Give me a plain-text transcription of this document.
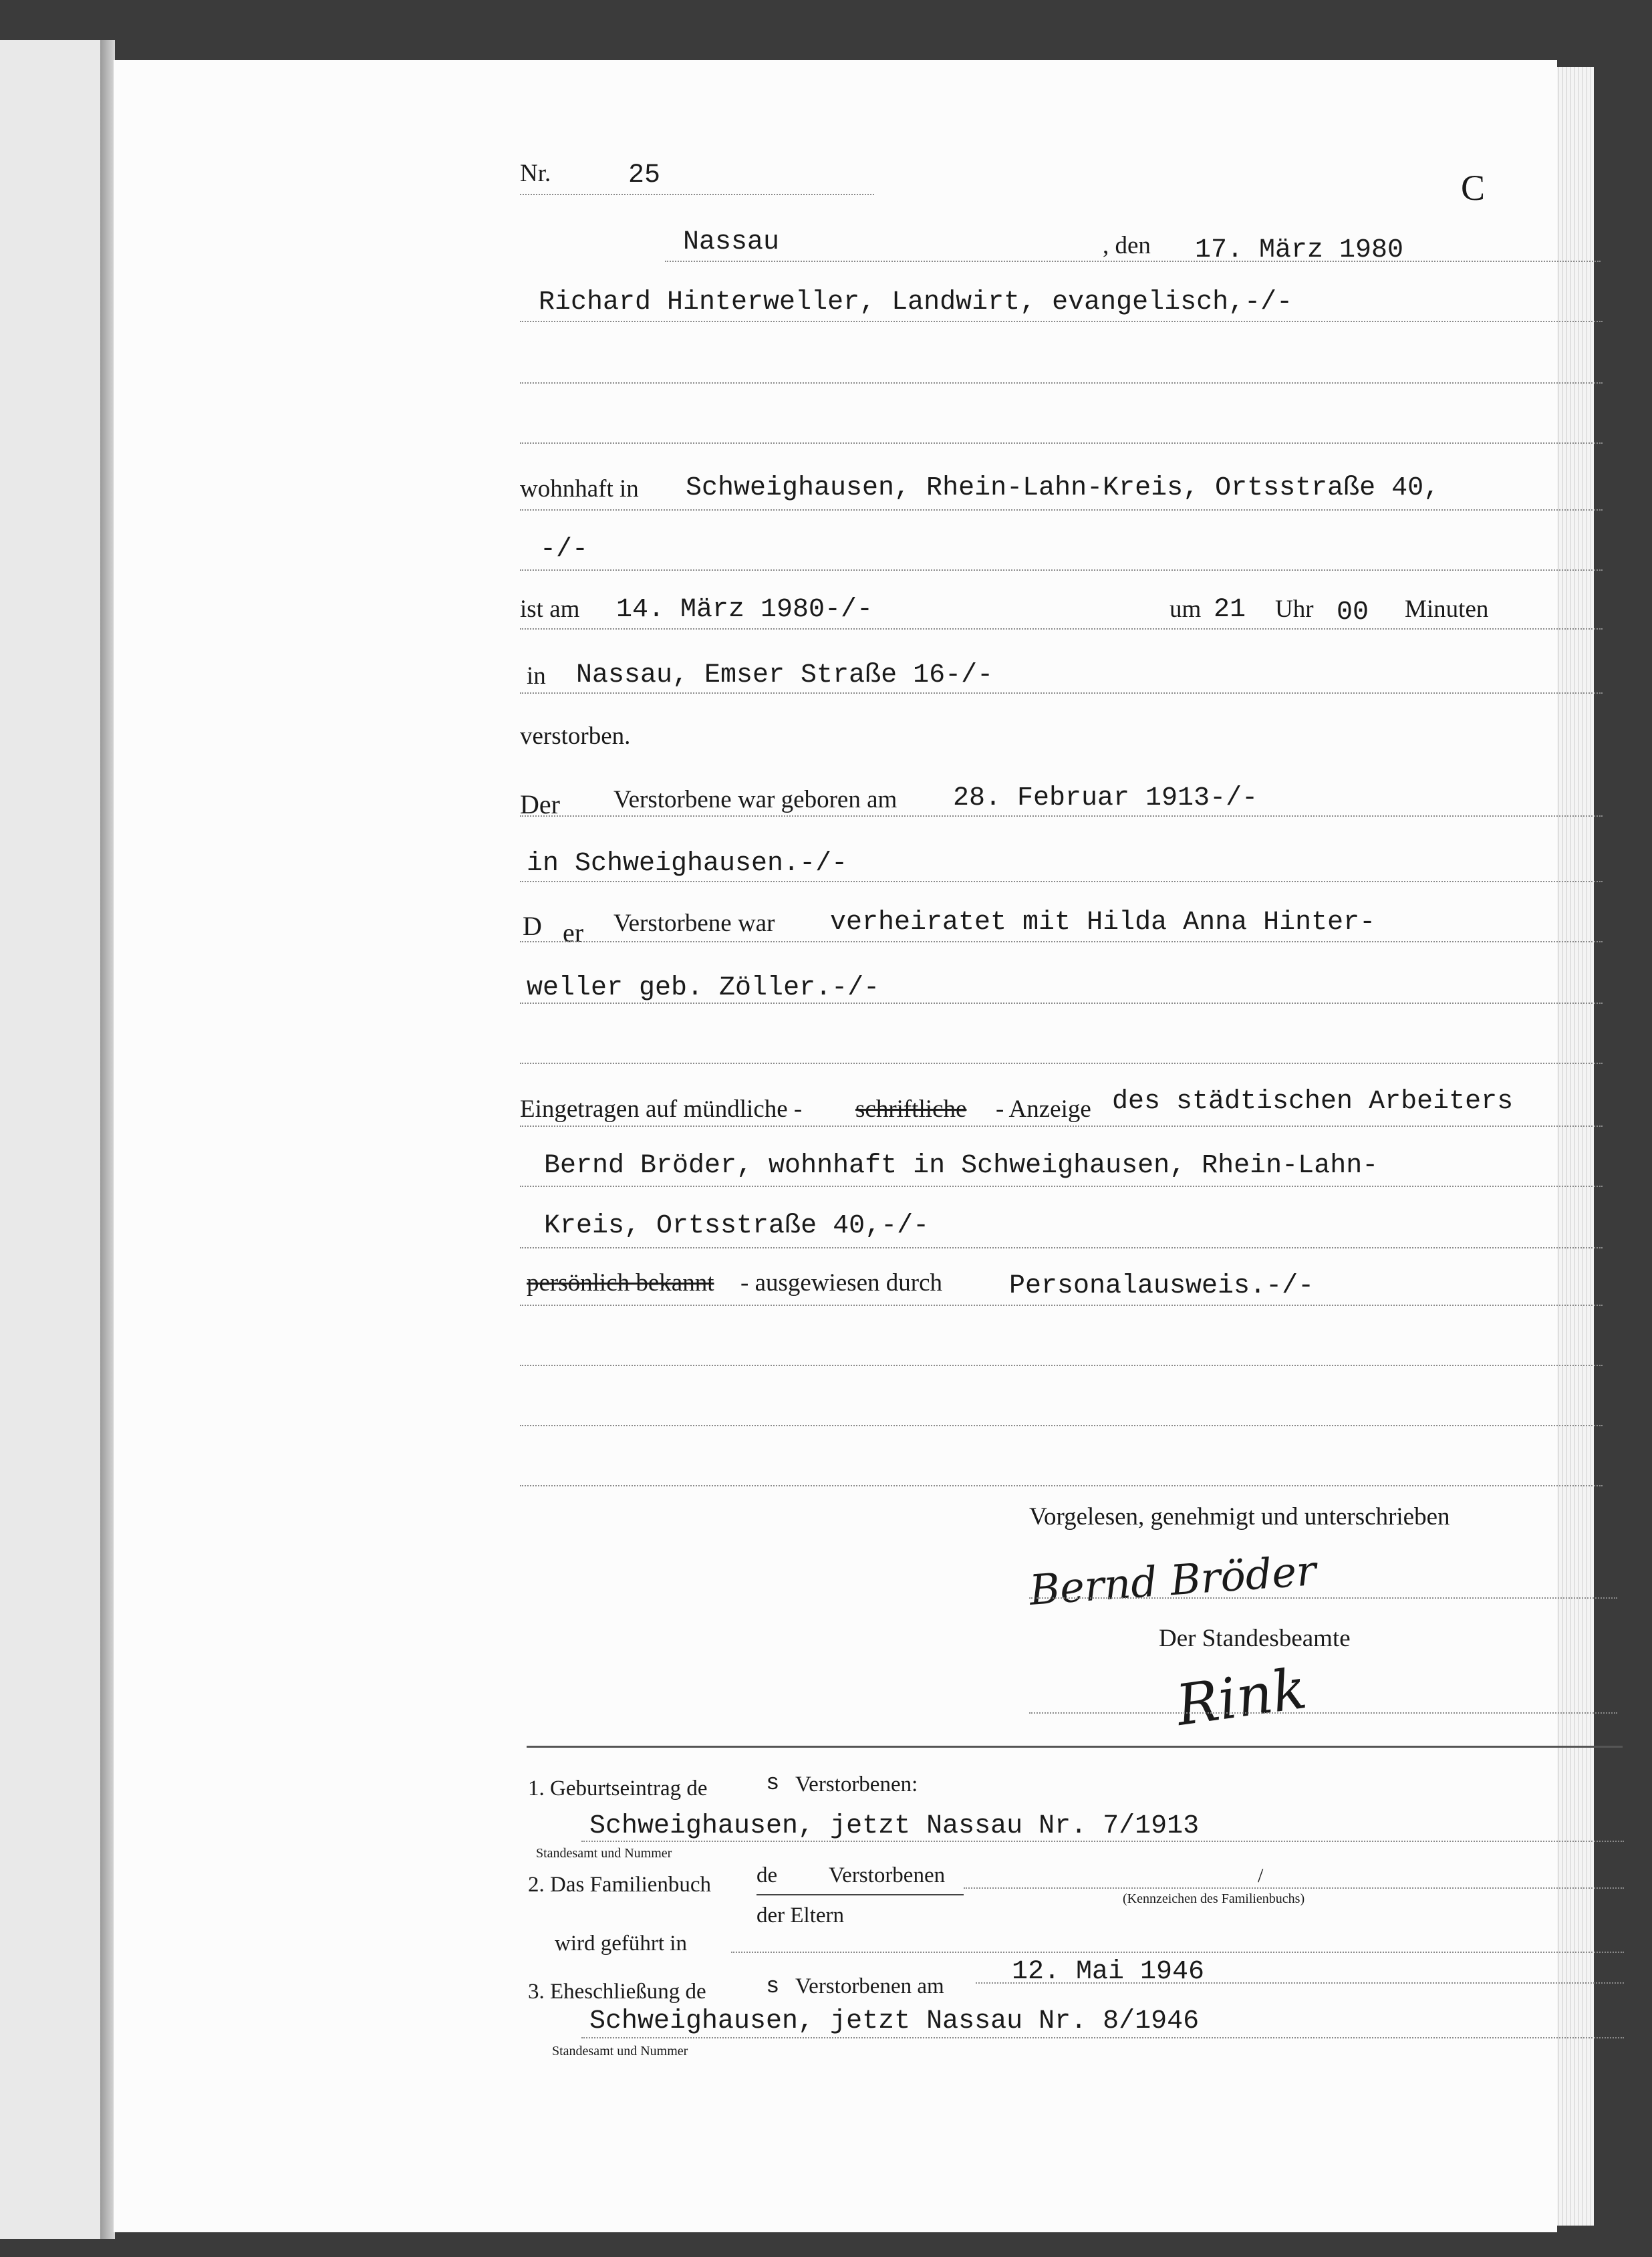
Nr.	25	C
Nassau	, den 17. März 1980
Richard Hinterweller, Landwirt, evangelisch,-/-
wohnhaft in Schweighausen, Rhein-Lahn-Kreis, Ortsstraße 40,
-/-
ist am 14. März 1980-/-	um 21 Uhr 00 Minuten
in Nassau, Emser Straße 16-/-
verstorben.
Der Verstorbene war geboren am 28. Februar 1913-/-
in Schweighausen.-/-
D er Verstorbene war verheiratet mit Hilda Anna Hinter-
weller geb. Zöller.-/-
Eingetragen auf mündliche - schriftliche - Anzeige des städtischen Arbeiters
Bernd Bröder, wohnhaft in Schweighausen, Rhein-Lahn-
Kreis, Ortsstraße 40,-/-
persönlich bekannt - ausgewiesen durch Personalausweis.-/-
Vorgelesen, genehmigt und unterschrieben
Bernd Bröder
Der Standesbeamte
Rink
1. Geburtseintrag de	s Verstorbenen:
Schweighausen, jetzt Nassau Nr. 7/1913
Standesamt und Nummer
2. Das Familienbuch de Verstorbenen
der Eltern
/
(Kennzeichen des Familienbuchs)
wird geführt in
3. Eheschließung de	s Verstorbenen am	12. Mai 1946
Schweighausen, jetzt Nassau Nr. 8/1946
Standesamt und Nummer
